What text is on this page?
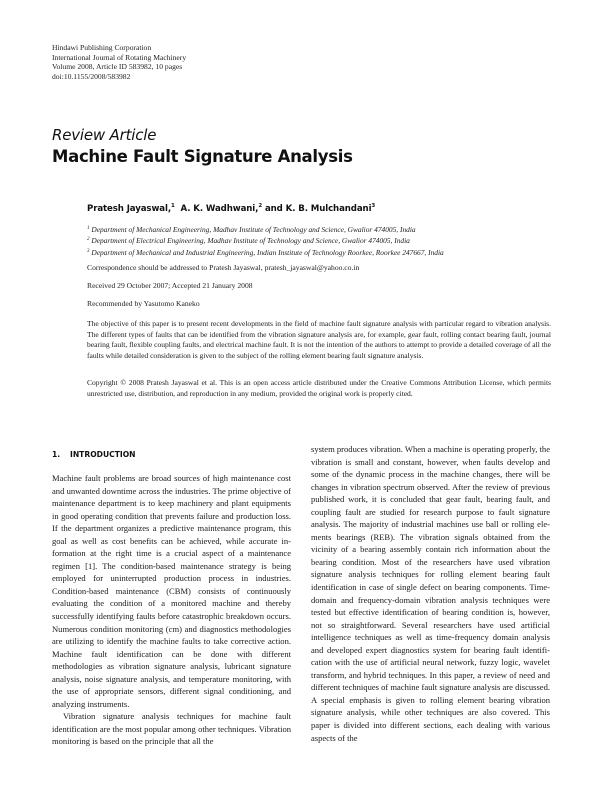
Hindawi Publishing Corporation
International Journal of Rotating Machinery
Volume 2008, Article ID 583982, 10 pages
doi:10.1155/2008/583982
Review Article
Machine Fault Signature Analysis
Pratesh Jayaswal,$^1$ A. K. Wadhwani,$^2$ and K. B. Mulchandani$^3$
$^1$ Department of Mechanical Engineering, Madhav Institute of Technology and Science, Gwalior 474005, India
$^2$ Department of Electrical Engineering, Madhav Institute of Technology and Science, Gwalior 474005, India
$^3$ Department of Mechanical and Industrial Engineering, Indian Institute of Technology Roorkee, Roorkee 247667, India
Correspondence should be addressed to Pratesh Jayaswal, pratesh_jayaswal@yahoo.co.in
Received 29 October 2007; Accepted 21 January 2008
Recommended by Yasutomo Kaneko
The objective of this paper is to present recent developments in the field of machine fault signature analysis with particular regard to vibration analysis. The different types of faults that can be identified from the vibration signature analysis are, for example, gear fault, rolling contact bearing fault, journal bearing fault, flexible coupling faults, and electrical machine fault. It is not the intention of the authors to attempt to provide a detailed coverage of all the faults while detailed consideration is given to the subject of the rolling element bearing fault signature analysis.
Copyright © 2008 Pratesh Jayaswal et al. This is an open access article distributed under the Creative Commons Attribution License, which permits unrestricted use, distribution, and reproduction in any medium, provided the original work is properly cited.
1. INTRODUCTION

Machine fault problems are broad sources of high maintenance cost and unwanted downtime across the industries. The prime objective of maintenance department is to keep machinery and plant equipments in good operating condition that prevents failure and production loss. If the department organizes a predictive maintenance program, this goal as well as cost benefits can be achieved, while accurate information at the right time is a crucial aspect of a maintenance regimen [1]. The condition-based maintenance strategy is being employed for uninterrupted production process in industries. Condition-based maintenance (CBM) consists of continuously evaluating the condition of a monitored machine and thereby successfully identifying faults before catastrophic breakdown occurs. Numerous condition monitoring (cm) and diagnostics methodologies are utilizing to identify the machine faults to take corrective action. Machine fault identification can be done with different methodologies as vibration signature analysis, lubricant signature analysis, noise signature analysis, and temperature monitoring, with the use of appropriate sensors, different signal conditioning, and analyzing instruments.

Vibration signature analysis techniques for machine fault identification are the most popular among other techniques. Vibration monitoring is based on the principle that all the

system produces vibration. When a machine is operating properly, the vibration is small and constant, however, when faults develop and some of the dynamic process in the machine changes, there will be changes in vibration spectrum observed. After the review of previous published work, it is concluded that gear fault, bearing fault, and coupling fault are studied for research purpose to fault signature analysis. The majority of industrial machines use ball or rolling elements bearings (REB). The vibration signals obtained from the vicinity of a bearing assembly contain rich information about the bearing condition. Most of the researchers have used vibration signature analysis techniques for rolling element bearing fault identification in case of single defect on bearing components. Time-domain and frequency-domain vibration analysis techniques were tested but effective identification of bearing condition is, however, not so straightforward. Several researchers have used artificial intelligence techniques as well as time-frequency domain analysis and developed expert diagnostics system for bearing fault identification with the use of artificial neural network, fuzzy logic, wavelet transform, and hybrid techniques. In this paper, a review of need and different techniques of machine fault signature analysis are discussed. A special emphasis is given to rolling element bearing vibration signature analysis, while other techniques are also covered. This paper is divided into different sections, each dealing with various aspects of the
